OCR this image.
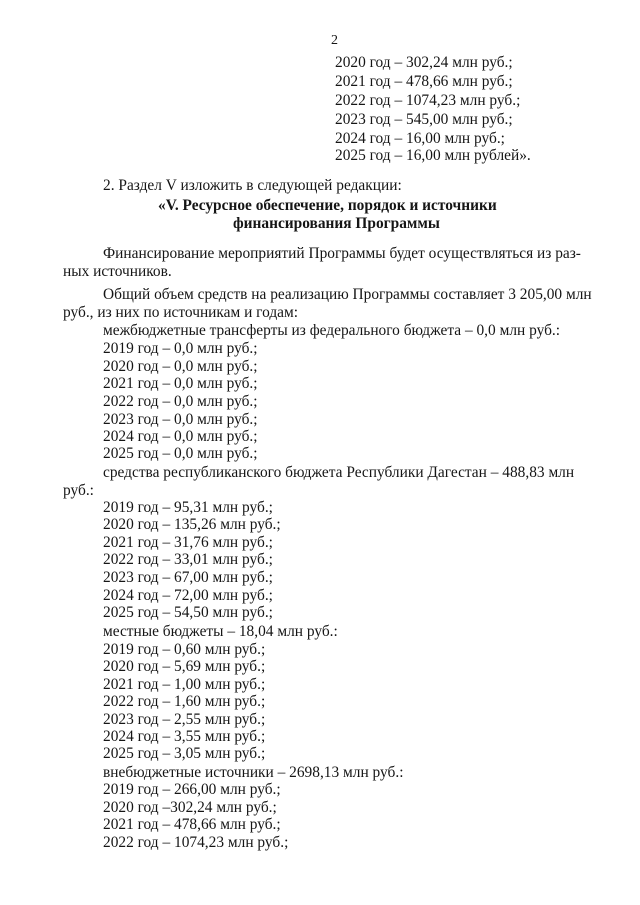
2
2020 год – 302,24 млн руб.;
2021 год – 478,66 млн руб.;
2022 год – 1074,23 млн руб.;
2023 год – 545,00 млн руб.;
2024 год – 16,00 млн руб.;
2025 год – 16,00 млн рублей».
2. Раздел V изложить в следующей редакции:
«V. Ресурсное обеспечение, порядок и источники
финансирования Программы
Финансирование мероприятий Программы будет осуществляться из раз-
ных источников.
Общий объем средств на реализацию Программы составляет 3 205,00 млн
руб., из них по источникам и годам:
межбюджетные трансферты из федерального бюджета – 0,0 млн руб.:
2019 год – 0,0 млн руб.;
2020 год – 0,0 млн руб.;
2021 год – 0,0 млн руб.;
2022 год – 0,0 млн руб.;
2023 год – 0,0 млн руб.;
2024 год – 0,0 млн руб.;
2025 год – 0,0 млн руб.;
средства республиканского бюджета Республики Дагестан – 488,83 млн
руб.:
2019 год – 95,31 млн руб.;
2020 год – 135,26 млн руб.;
2021 год – 31,76 млн руб.;
2022 год – 33,01 млн руб.;
2023 год – 67,00 млн руб.;
2024 год – 72,00 млн руб.;
2025 год – 54,50 млн руб.;
местные бюджеты – 18,04 млн руб.:
2019 год – 0,60 млн руб.;
2020 год – 5,69 млн руб.;
2021 год – 1,00 млн руб.;
2022 год – 1,60 млн руб.;
2023 год – 2,55 млн руб.;
2024 год – 3,55 млн руб.;
2025 год – 3,05 млн руб.;
внебюджетные источники – 2698,13 млн руб.:
2019 год – 266,00 млн руб.;
2020 год –302,24 млн руб.;
2021 год – 478,66 млн руб.;
2022 год – 1074,23 млн руб.;
